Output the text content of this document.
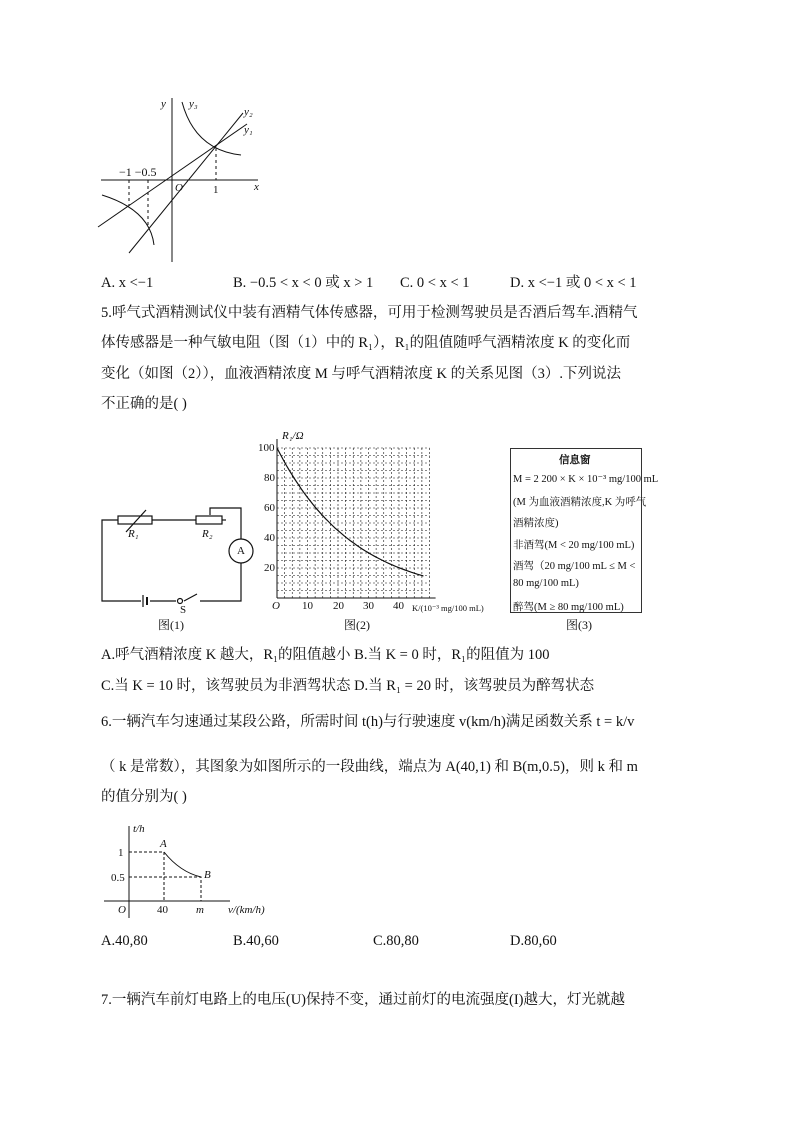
y y₃
y₂
y₁
−1 −0.5
O	1	x
A. x <−1	B. −0.5 < x < 0 或 x > 1 C. 0 < x < 1	D. x <−1 或 0 < x < 1
5.呼气式酒精测试仪中装有酒精气体传感器，可用于检测驾驶员是否酒后驾车.酒精气
体传感器是一种气敏电阻（图（1）中的 R₁），R₁的阻值随呼气酒精浓度 K 的变化而
变化（如图（2）），血液酒精浓度 M 与呼气酒精浓度 K 的关系见图（3）.下列说法
不正确的是( )
R₁	R₂
A
S
图(1)
R₁/Ω
100
80
60
40
20
O 10 20 30 40 K/(10⁻³ mg/100 mL)
图(2)
信息窗
M = 2 200 × K × 10⁻³ mg/100 mL
(M 为血液酒精浓度,K 为呼气
酒精浓度)
非酒驾(M < 20 mg/100 mL)
酒驾（20 mg/100 mL ≤ M <
80 mg/100 mL)
醉驾(M ≥ 80 mg/100 mL)
图(3)
A.呼气酒精浓度 K 越大，R₁的阻值越小 B.当 K = 0 时，R₁的阻值为 100
C.当 K = 10 时，该驾驶员为非酒驾状态 D.当 R₁ = 20 时，该驾驶员为醉驾状态
6.一辆汽车匀速通过某段公路，所需时间 t(h)与行驶速度 v(km/h)满足函数关系 t = k/v
（ k 是常数），其图象为如图所示的一段曲线，端点为 A(40,1) 和 B(m,0.5)，则 k 和 m
的值分别为( )
t/h
A
B
1
0.5
O	40	m v/(km/h)
A.40,80	B.40,60	C.80,80	D.80,60
7.一辆汽车前灯电路上的电压(U)保持不变，通过前灯的电流强度(I)越大，灯光就越
